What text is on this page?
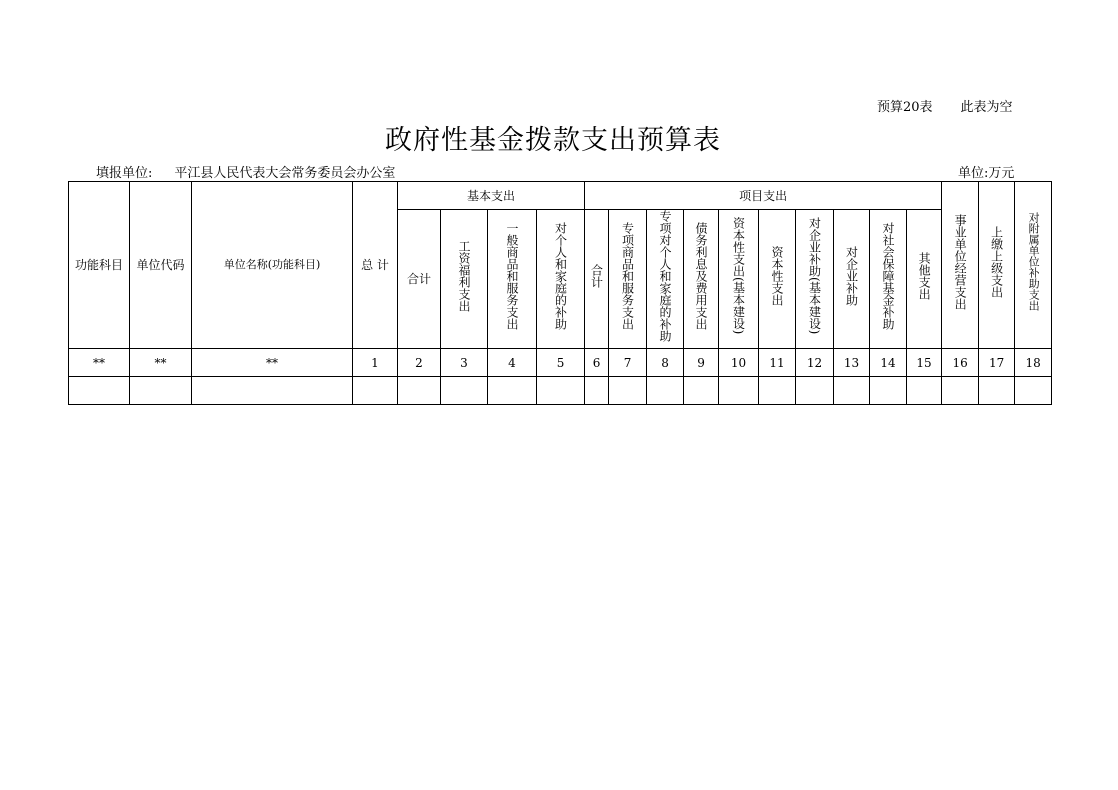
预算20表 此表为空
政府性基金拨款支出预算表
填报单位: 平江县人民代表大会常务委员会办公室	单位:万元
功能科目	单位代码	单位名称(功能科目)	总 计	基本支出				项目支出										事业单位经营支出	上缴上级支出	对附属单位补助支出
				合计	工资福利支出	一般商品和服务支出	对个人和家庭的补助	合计	专项商品和服务支出	专项对个人和家庭的补助	债务利息及费用支出	资本性支出(基本建设)	资本性支出	对企业补助(基本建设)	对企业补助	对社会保障基金补助	其他支出			
**	**	**	1	2	3	4	5	6	7	8	9	10	11	12	13	14	15	16	17	18
